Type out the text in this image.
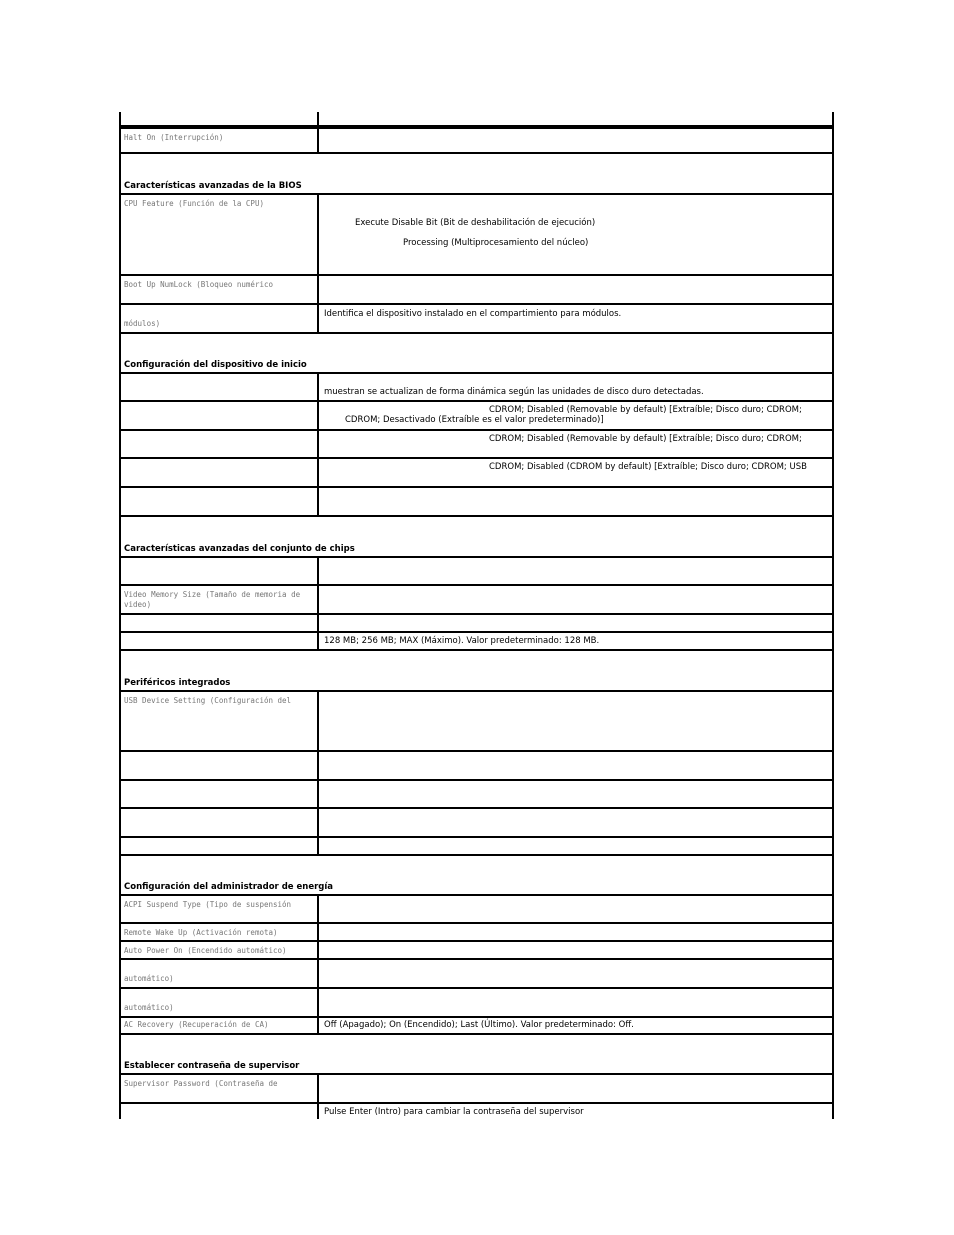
Halt On (Interrupción)
Características avanzadas de la BIOS
CPU Feature (Función de la CPU)
Execute Disable Bit (Bit de deshabilitación de ejecución)
Processing (Multiprocesamiento del núcleo)
Boot Up NumLock (Bloqueo numérico
módulos)
Identifica el dispositivo instalado en el compartimiento para módulos.
Configuración del dispositivo de inicio
muestran se actualizan de forma dinámica según las unidades de disco duro detectadas.
CDROM; Disabled (Removable by default) [Extraíble; Disco duro; CDROM;
CDROM; Desactivado (Extraíble es el valor predeterminado)]
CDROM; Disabled (Removable by default) [Extraíble; Disco duro; CDROM;
CDROM; Disabled (CDROM by default) [Extraíble; Disco duro; CDROM; USB
Características avanzadas del conjunto de chips
Video Memory Size (Tamaño de memoria de video)
128 MB; 256 MB; MAX (Máximo). Valor predeterminado: 128 MB.
Periféricos integrados
USB Device Setting (Configuración del
Configuración del administrador de energía
ACPI Suspend Type (Tipo de suspensión
Remote Wake Up (Activación remota)
Auto Power On (Encendido automático)
automático)
automático)
AC Recovery (Recuperación de CA)	Off (Apagado); On (Encendido); Last (Último). Valor predeterminado: Off.
Establecer contraseña de supervisor
Supervisor Password (Contraseña de
Pulse Enter (Intro) para cambiar la contraseña del supervisor
